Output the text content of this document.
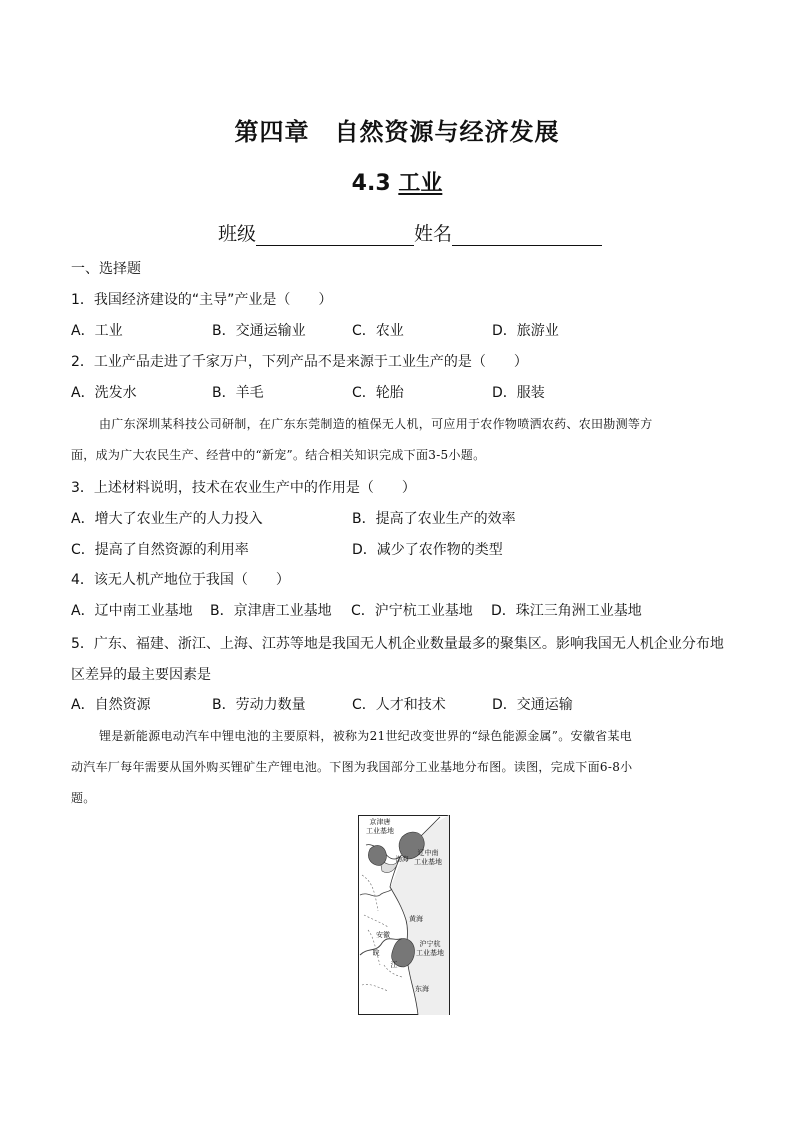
第四章　自然资源与经济发展
4.3 工业
班级	姓名
一、选择题
1．我国经济建设的“主导”产业是（　　）
A．工业	B．交通运输业	C．农业	D．旅游业
2．工业产品走进了千家万户，下列产品不是来源于工业生产的是（　　）
A．洗发水	B．羊毛	C．轮胎	D．服装
由广东深圳某科技公司研制，在广东东莞制造的植保无人机，可应用于农作物喷洒农药、农田勘测等方
面，成为广大农民生产、经营中的“新宠”。结合相关知识完成下面3-5小题。
3．上述材料说明，技术在农业生产中的作用是（　　）
A．增大了农业生产的人力投入	B．提高了农业生产的效率
C．提高了自然资源的利用率	D．减少了农作物的类型
4．该无人机产地位于我国（　　）
A．辽中南工业基地 B．京津唐工业基地 C．沪宁杭工业基地 D．珠江三角洲工业基地
5．广东、福建、浙江、上海、江苏等地是我国无人机企业数量最多的聚集区。影响我国无人机企业分布地
区差异的最主要因素是
A．自然资源	B．劳动力数量	C．人才和技术	D．交通运输
锂是新能源电动汽车中锂电池的主要原料，被称为21世纪改变世界的“绿色能源金属”。安徽省某电
动汽车厂每年需要从国外购买锂矿生产锂电池。下图为我国部分工业基地分布图。读图，完成下面6-8小
题。
京津唐
工业基地
渤海
辽中南
工业基地
黄海
安徽
沪宁杭
工业基地
皖
江
东海
